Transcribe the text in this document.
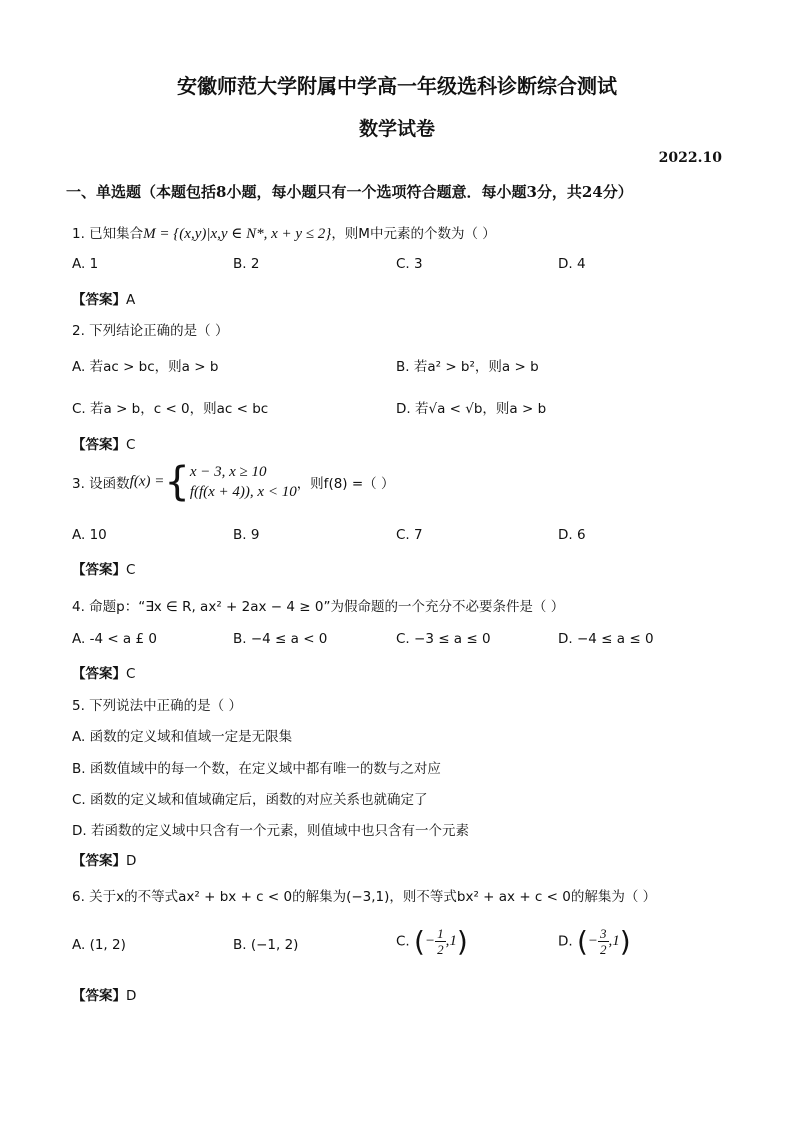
安徽师范大学附属中学高一年级选科诊断综合测试
数学试卷
2022.10
一、单选题（本题包括8小题，每小题只有一个选项符合题意．每小题3分，共24分）
1. 已知集合M = {(x,y)|x,y ∈ N*, x + y ≤ 2}，则M中元素的个数为（ ）
A. 1	B. 2	C. 3	D. 4
【答案】A
2. 下列结论正确的是（ ）
A. 若ac > bc，则a > b	B. 若a² > b²，则a > b
C. 若a > b，c < 0，则ac < bc	D. 若√a < √b，则a > b
【答案】C
3. 设函数f(x) ={ x − 3, x ≥ 10
f(f(x + 4)), x < 10 ，则f(8) =（ ）
A. 10	B. 9	C. 7	D. 6
【答案】C
4. 命题p：“∃x ∈ R, ax² + 2ax − 4 ≥ 0”为假命题的一个充分不必要条件是（ ）
A. -4 < a £ 0	B. −4 ≤ a < 0	C. −3 ≤ a ≤ 0	D. −4 ≤ a ≤ 0
【答案】C
5. 下列说法中正确的是（ ）
A. 函数的定义域和值域一定是无限集
B. 函数值域中的每一个数，在定义域中都有唯一的数与之对应
C. 函数的定义域和值域确定后，函数的对应关系也就确定了
D. 若函数的定义域中只含有一个元素，则值域中也只含有一个元素
【答案】D
6. 关于x的不等式ax² + bx + c < 0的解集为(−3,1)，则不等式bx² + ax + c < 0的解集为（ ）
A. (1, 2)	B. (−1, 2)	C. (− $\frac{1}{2} ,1$)	D. (− $\frac{3}{2} ,1$)
【答案】D
